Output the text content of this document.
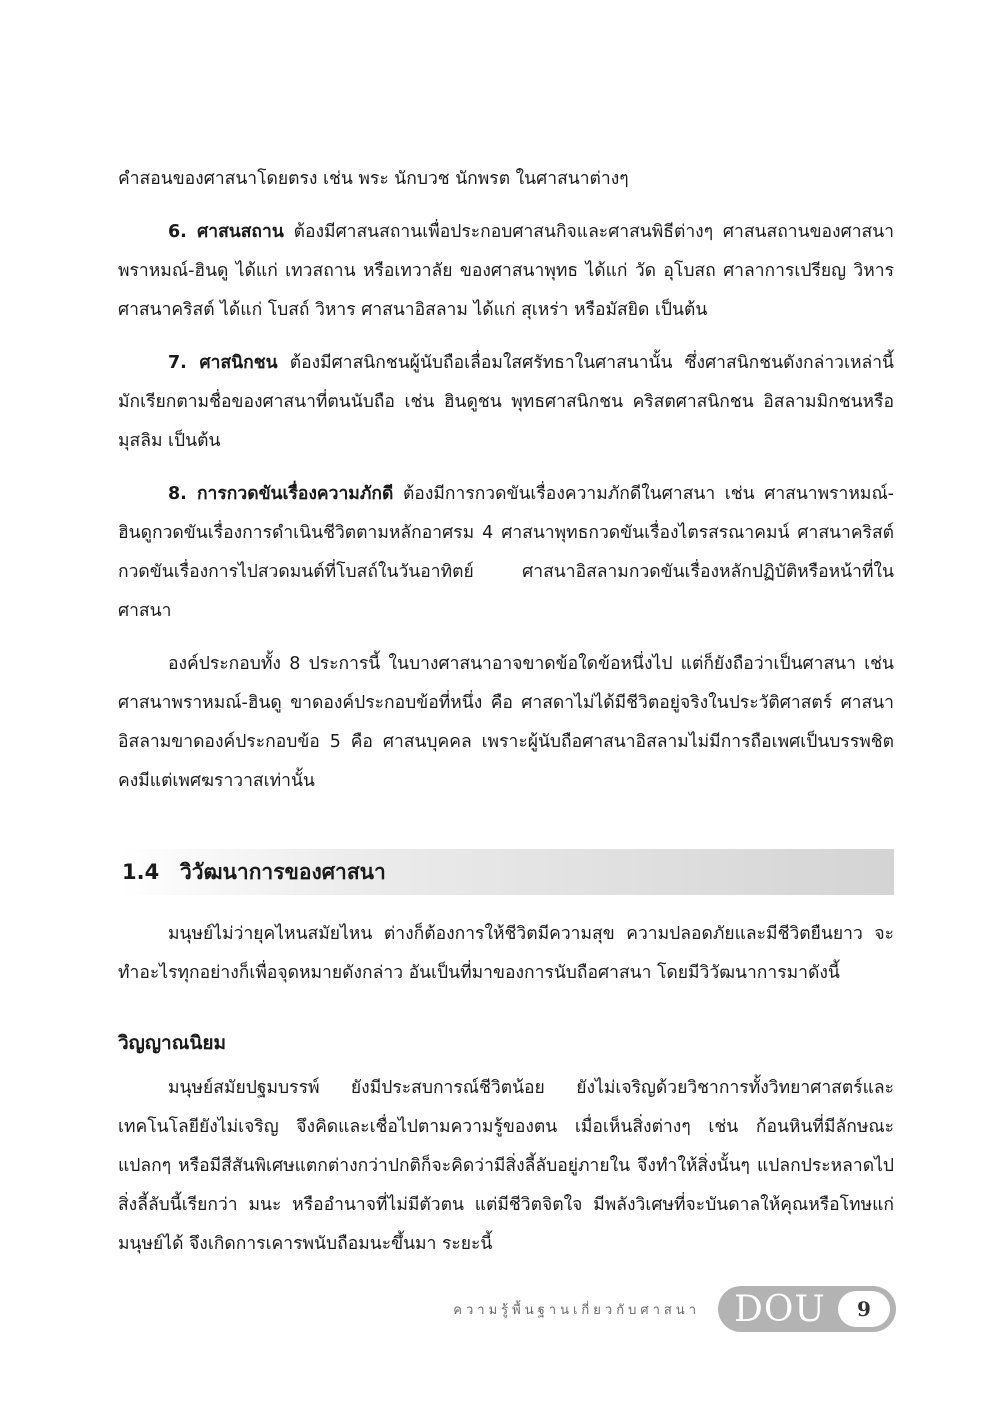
คำสอนของศาสนาโดยตรง เช่น พระ นักบวช นักพรต ในศาสนาต่างๆ

6. ศาสนสถาน ต้องมีศาสนสถานเพื่อประกอบศาสนกิจและศาสนพิธีต่างๆ ศาสนสถานของศาสนาพราหมณ์-ฮินดู ได้แก่ เทวสถาน หรือเทวาลัย ของศาสนาพุทธ ได้แก่ วัด อุโบสถ ศาลาการเปรียญ วิหาร ศาสนาคริสต์ ได้แก่ โบสถ์ วิหาร ศาสนาอิสลาม ได้แก่ สุเหร่า หรือมัสยิด เป็นต้น

7. ศาสนิกชน ต้องมีศาสนิกชนผู้นับถือเลื่อมใสศรัทธาในศาสนานั้น ซึ่งศาสนิกชนดังกล่าวเหล่านี้ มักเรียกตามชื่อของศาสนาที่ตนนับถือ เช่น ฮินดูชน พุทธศาสนิกชน คริสตศาสนิกชน อิสลามมิกชนหรือมุสลิม เป็นต้น

8. การกวดขันเรื่องความภักดี ต้องมีการกวดขันเรื่องความภักดีในศาสนา เช่น ศาสนาพราหมณ์-ฮินดูกวดขันเรื่องการดำเนินชีวิตตามหลักอาศรม 4 ศาสนาพุทธกวดขันเรื่องไตรสรณาคมน์ ศาสนาคริสต์กวดขันเรื่องการไปสวดมนต์ที่โบสถ์ในวันอาทิตย์ ศาสนาอิสลามกวดขันเรื่องหลักปฏิบัติหรือหน้าที่ในศาสนา

องค์ประกอบทั้ง 8 ประการนี้ ในบางศาสนาอาจขาดข้อใดข้อหนึ่งไป แต่ก็ยังถือว่าเป็นศาสนา เช่น ศาสนาพราหมณ์-ฮินดู ขาดองค์ประกอบข้อที่หนึ่ง คือ ศาสดาไม่ได้มีชีวิตอยู่จริงในประวัติศาสตร์ ศาสนาอิสลามขาดองค์ประกอบข้อ 5 คือ ศาสนบุคคล เพราะผู้นับถือศาสนาอิสลามไม่มีการถือเพศเป็นบรรพชิต คงมีแต่เพศฆราวาสเท่านั้น

1.4 วิวัฒนาการของศาสนา

มนุษย์ไม่ว่ายุคไหนสมัยไหน ต่างก็ต้องการให้ชีวิตมีความสุข ความปลอดภัยและมีชีวิตยืนยาว จะทำอะไรทุกอย่างก็เพื่อจุดหมายดังกล่าว อันเป็นที่มาของการนับถือศาสนา โดยมีวิวัฒนาการมาดังนี้

วิญญาณนิยม

มนุษย์สมัยปฐมบรรพ์ ยังมีประสบการณ์ชีวิตน้อย ยังไม่เจริญด้วยวิชาการทั้งวิทยาศาสตร์และเทคโนโลยียังไม่เจริญ จึงคิดและเชื่อไปตามความรู้ของตน เมื่อเห็นสิ่งต่างๆ เช่น ก้อนหินที่มีลักษณะแปลกๆ หรือมีสีสันพิเศษแตกต่างกว่าปกติก็จะคิดว่ามีสิ่งลี้ลับอยู่ภายใน จึงทำให้สิ่งนั้นๆ แปลกประหลาดไป สิ่งลี้ลับนี้เรียกว่า มนะ หรืออำนาจที่ไม่มีตัวตน แต่มีชีวิตจิตใจ มีพลังวิเศษที่จะบันดาลให้คุณหรือโทษแก่มนุษย์ได้ จึงเกิดการเคารพนับถือมนะขึ้นมา ระยะนี้

ความรู้พื้นฐานเกี่ยวกับศาสนา DOU	9
